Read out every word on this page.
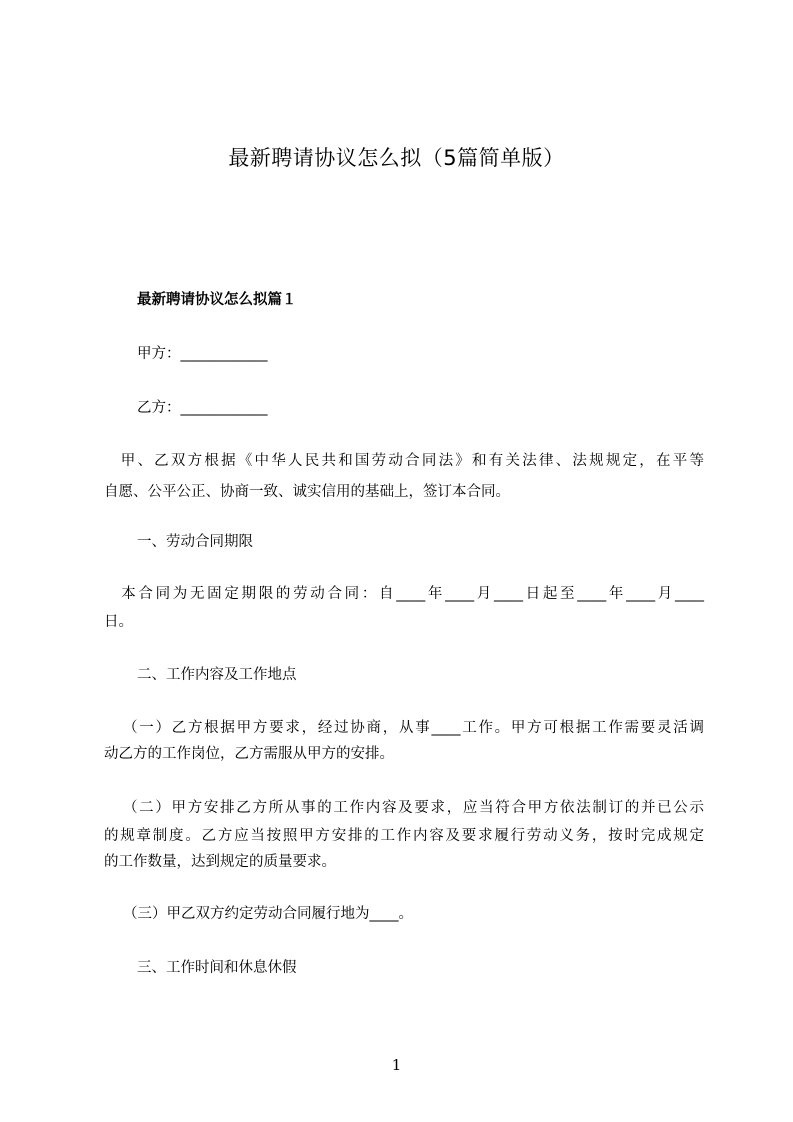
最新聘请协议怎么拟（5篇简单版）
最新聘请协议怎么拟篇１
甲方：____________
乙方：____________
　甲、乙双方根据《中华人民共和国劳动合同法》和有关法律、法规规定，在平等
自愿、公平公正、协商一致、诚实信用的基础上，签订本合同。
一、劳动合同期限
　本合同为无固定期限的劳动合同：自____年____月____日起至____年____月____
日。
二、工作内容及工作地点
（一）乙方根据甲方要求，经过协商，从事____工作。甲方可根据工作需要灵活调
动乙方的工作岗位，乙方需服从甲方的安排。
（二）甲方安排乙方所从事的工作内容及要求，应当符合甲方依法制订的并已公示
的规章制度。乙方应当按照甲方安排的工作内容及要求履行劳动义务，按时完成规定
的工作数量，达到规定的质量要求。
（三）甲乙双方约定劳动合同履行地为____。
三、工作时间和休息休假
1
